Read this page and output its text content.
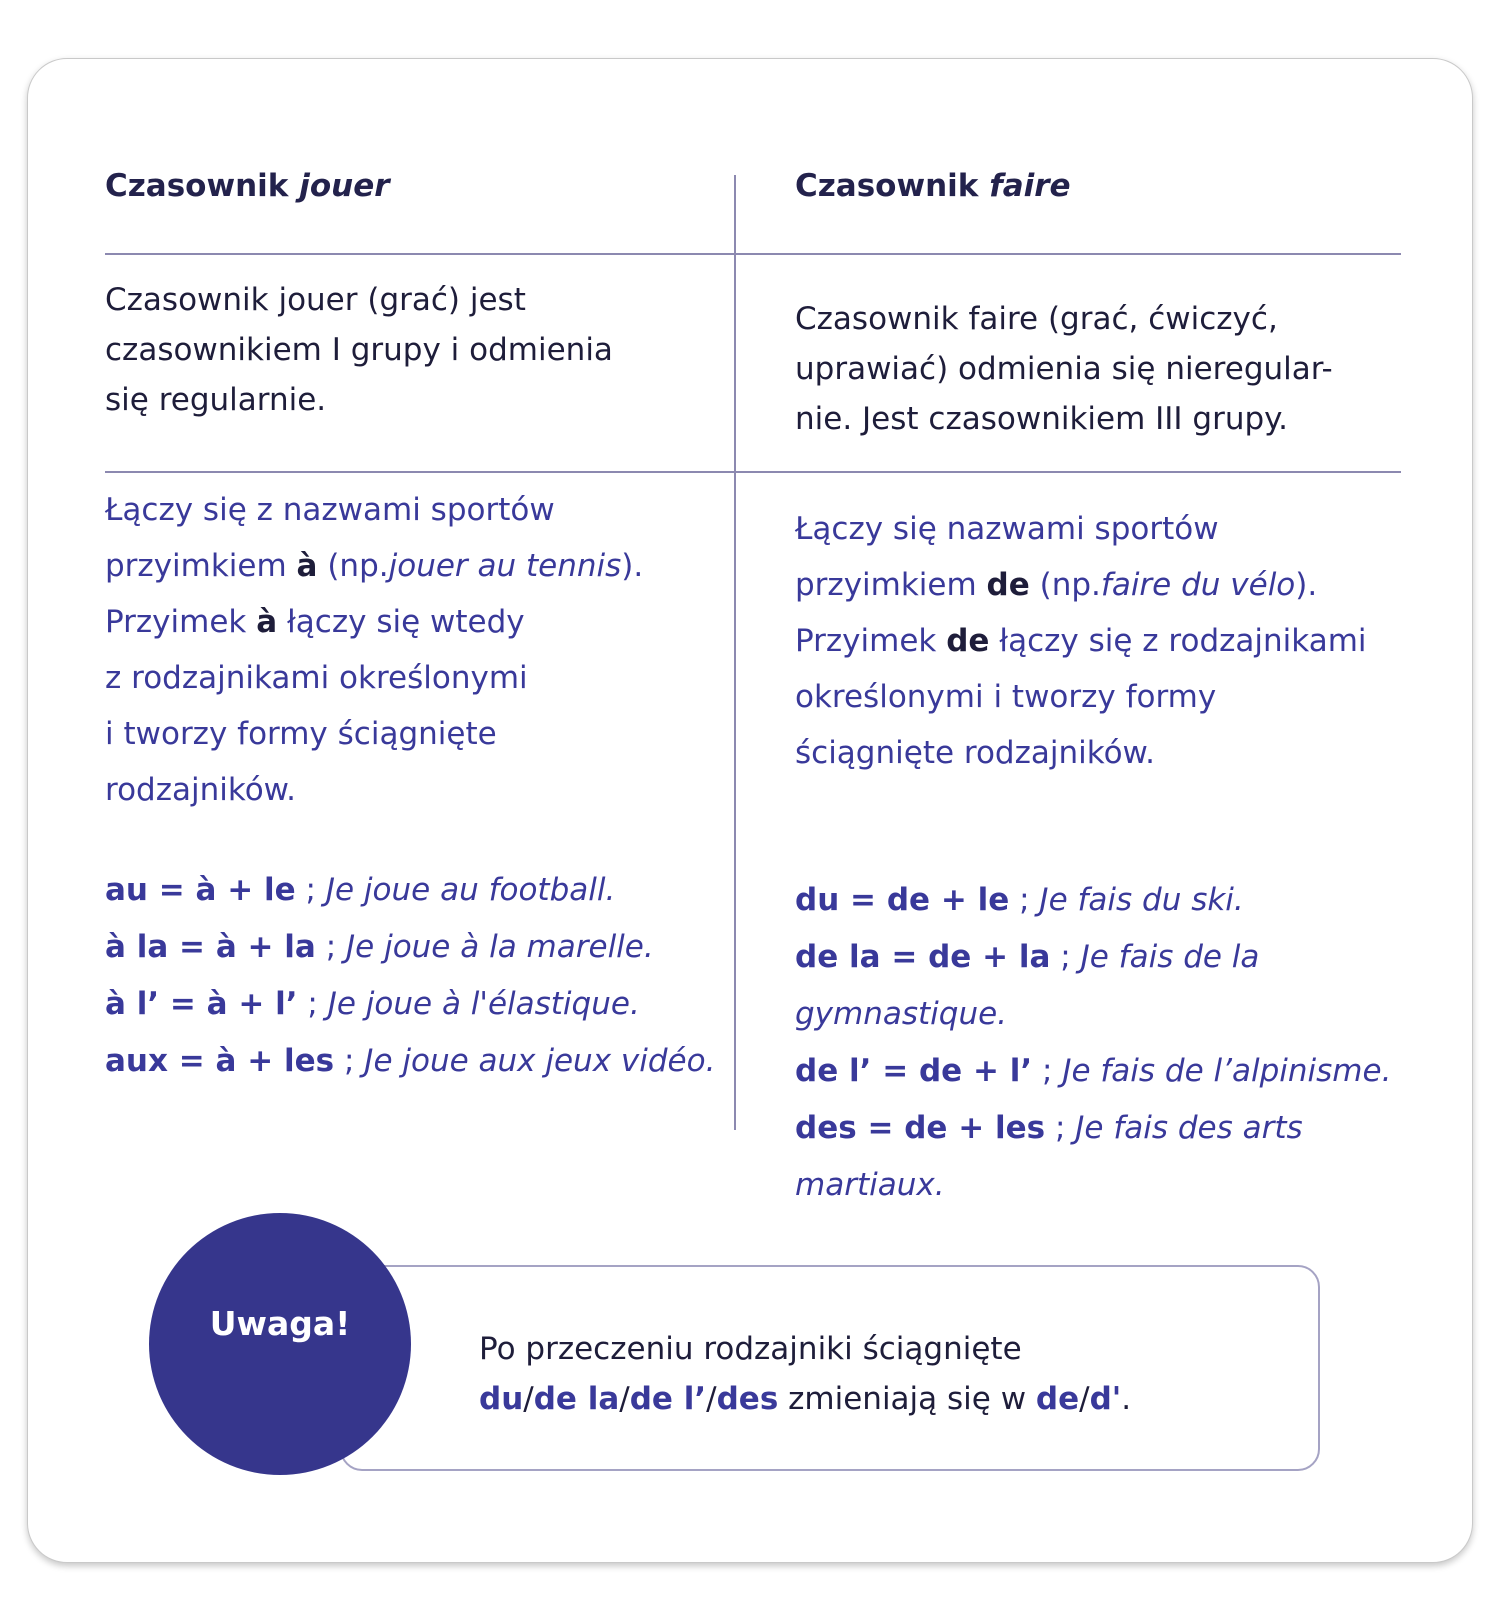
Czasownik jouer

Czasownik jouer (grać) jest
czasownikiem I grupy i odmienia
się regularnie.
Łączy się z nazwami sportów
przyimkiem à (np.jouer au tennis).
Przyimek à łączy się wtedy
z rodzajnikami określonymi
i tworzy formy ściągnięte
rodzajników.
au = à + le ; Je joue au football.
à la = à + la ; Je joue à la marelle.
à l’ = à + l’ ; Je joue à l'élastique.
aux = à + les ; Je joue aux jeux vidéo.

Czasownik faire

Czasownik faire (grać, ćwiczyć,
uprawiać) odmienia się nieregular-
nie. Jest czasownikiem III grupy.
Łączy się nazwami sportów
przyimkiem de (np.faire du vélo).
Przyimek de łączy się z rodzajnikami
określonymi i tworzy formy
ściągnięte rodzajników.
du = de + le ; Je fais du ski.
de la = de + la ; Je fais de la
gymnastique.
de l’ = de + l’ ; Je fais de l’alpinisme.
des = de + les ; Je fais des arts
martiaux.
Uwaga!
Po przeczeniu rodzajniki ściągnięte
du/de la/de l’/des zmieniają się w de/d'.
